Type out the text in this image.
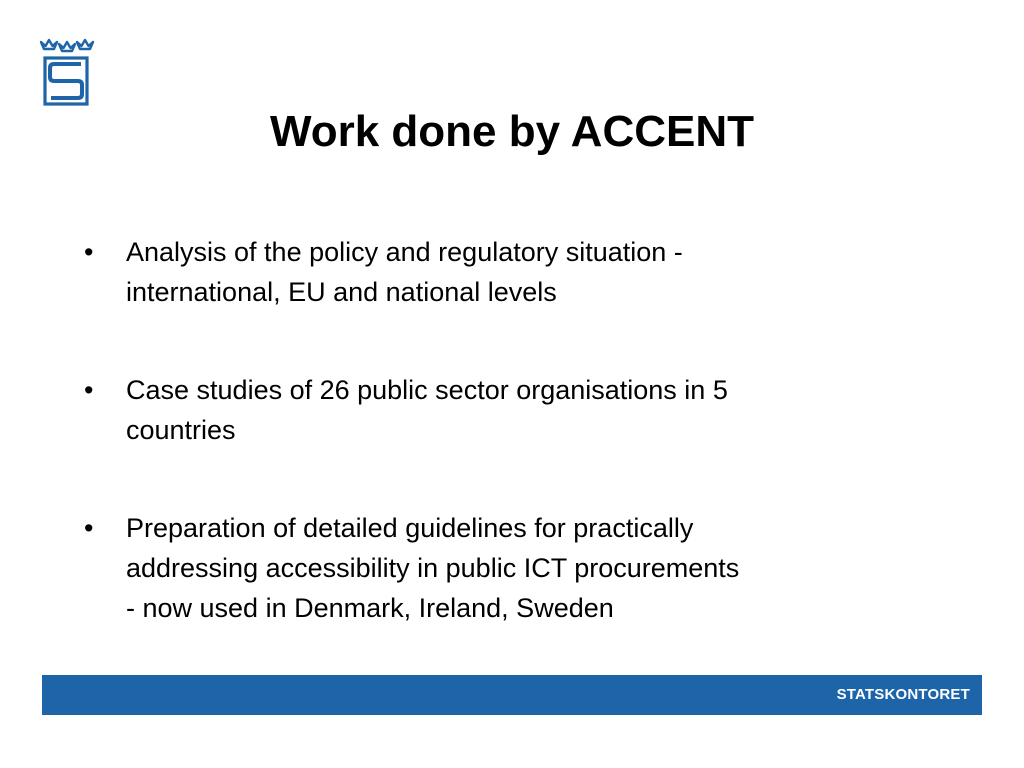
Work done by ACCENT
•	Analysis of the policy and regulatory situation -
international, EU and national levels
•	Case studies of 26 public sector organisations in 5
countries
•	Preparation of detailed guidelines for practically
addressing accessibility in public ICT procurements
- now used in Denmark, Ireland, Sweden
STATSKONTORET
